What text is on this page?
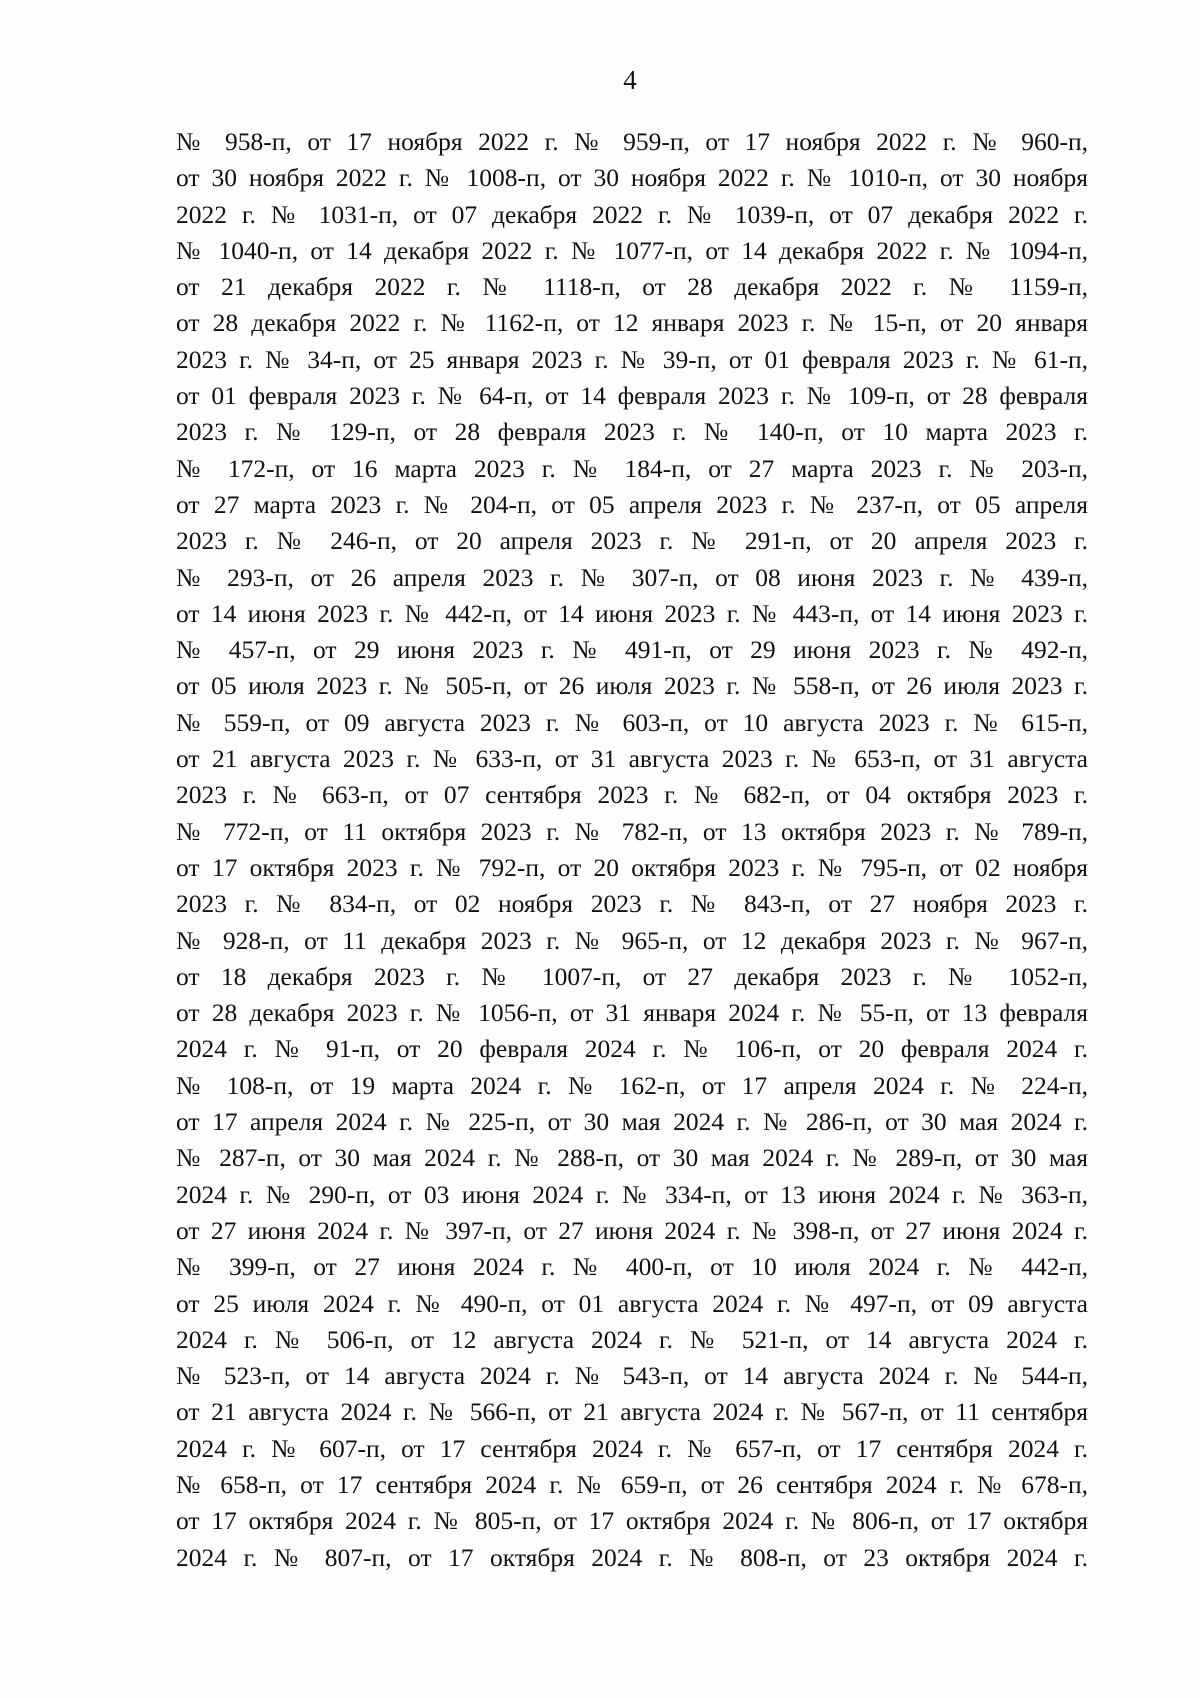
4
№ 958-п, от 17 ноября 2022 г. № 959-п, от 17 ноября 2022 г. № 960-п,
от 30 ноября 2022 г. № 1008-п, от 30 ноября 2022 г. № 1010-п, от 30 ноября
2022 г. № 1031-п, от 07 декабря 2022 г. № 1039-п, от 07 декабря 2022 г.
№ 1040-п, от 14 декабря 2022 г. № 1077-п, от 14 декабря 2022 г. № 1094-п,
от 21 декабря 2022 г. № 1118-п, от 28 декабря 2022 г. № 1159-п,
от 28 декабря 2022 г. № 1162-п, от 12 января 2023 г. № 15-п, от 20 января
2023 г. № 34-п, от 25 января 2023 г. № 39-п, от 01 февраля 2023 г. № 61-п,
от 01 февраля 2023 г. № 64-п, от 14 февраля 2023 г. № 109-п, от 28 февраля
2023 г. № 129-п, от 28 февраля 2023 г. № 140-п, от 10 марта 2023 г.
№ 172-п, от 16 марта 2023 г. № 184-п, от 27 марта 2023 г. № 203-п,
от 27 марта 2023 г. № 204-п, от 05 апреля 2023 г. № 237-п, от 05 апреля
2023 г. № 246-п, от 20 апреля 2023 г. № 291-п, от 20 апреля 2023 г.
№ 293-п, от 26 апреля 2023 г. № 307-п, от 08 июня 2023 г. № 439-п,
от 14 июня 2023 г. № 442-п, от 14 июня 2023 г. № 443-п, от 14 июня 2023 г.
№ 457-п, от 29 июня 2023 г. № 491-п, от 29 июня 2023 г. № 492-п,
от 05 июля 2023 г. № 505-п, от 26 июля 2023 г. № 558-п, от 26 июля 2023 г.
№ 559-п, от 09 августа 2023 г. № 603-п, от 10 августа 2023 г. № 615-п,
от 21 августа 2023 г. № 633-п, от 31 августа 2023 г. № 653-п, от 31 августа
2023 г. № 663-п, от 07 сентября 2023 г. № 682-п, от 04 октября 2023 г.
№ 772-п, от 11 октября 2023 г. № 782-п, от 13 октября 2023 г. № 789-п,
от 17 октября 2023 г. № 792-п, от 20 октября 2023 г. № 795-п, от 02 ноября
2023 г. № 834-п, от 02 ноября 2023 г. № 843-п, от 27 ноября 2023 г.
№ 928-п, от 11 декабря 2023 г. № 965-п, от 12 декабря 2023 г. № 967-п,
от 18 декабря 2023 г. № 1007-п, от 27 декабря 2023 г. № 1052-п,
от 28 декабря 2023 г. № 1056-п, от 31 января 2024 г. № 55-п, от 13 февраля
2024 г. № 91-п, от 20 февраля 2024 г. № 106-п, от 20 февраля 2024 г.
№ 108-п, от 19 марта 2024 г. № 162-п, от 17 апреля 2024 г. № 224-п,
от 17 апреля 2024 г. № 225-п, от 30 мая 2024 г. № 286-п, от 30 мая 2024 г.
№ 287-п, от 30 мая 2024 г. № 288-п, от 30 мая 2024 г. № 289-п, от 30 мая
2024 г. № 290-п, от 03 июня 2024 г. № 334-п, от 13 июня 2024 г. № 363-п,
от 27 июня 2024 г. № 397-п, от 27 июня 2024 г. № 398-п, от 27 июня 2024 г.
№ 399-п, от 27 июня 2024 г. № 400-п, от 10 июля 2024 г. № 442-п,
от 25 июля 2024 г. № 490-п, от 01 августа 2024 г. № 497-п, от 09 августа
2024 г. № 506-п, от 12 августа 2024 г. № 521-п, от 14 августа 2024 г.
№ 523-п, от 14 августа 2024 г. № 543-п, от 14 августа 2024 г. № 544-п,
от 21 августа 2024 г. № 566-п, от 21 августа 2024 г. № 567-п, от 11 сентября
2024 г. № 607-п, от 17 сентября 2024 г. № 657-п, от 17 сентября 2024 г.
№ 658-п, от 17 сентября 2024 г. № 659-п, от 26 сентября 2024 г. № 678-п,
от 17 октября 2024 г. № 805-п, от 17 октября 2024 г. № 806-п, от 17 октября
2024 г. № 807-п, от 17 октября 2024 г. № 808-п, от 23 октября 2024 г.
